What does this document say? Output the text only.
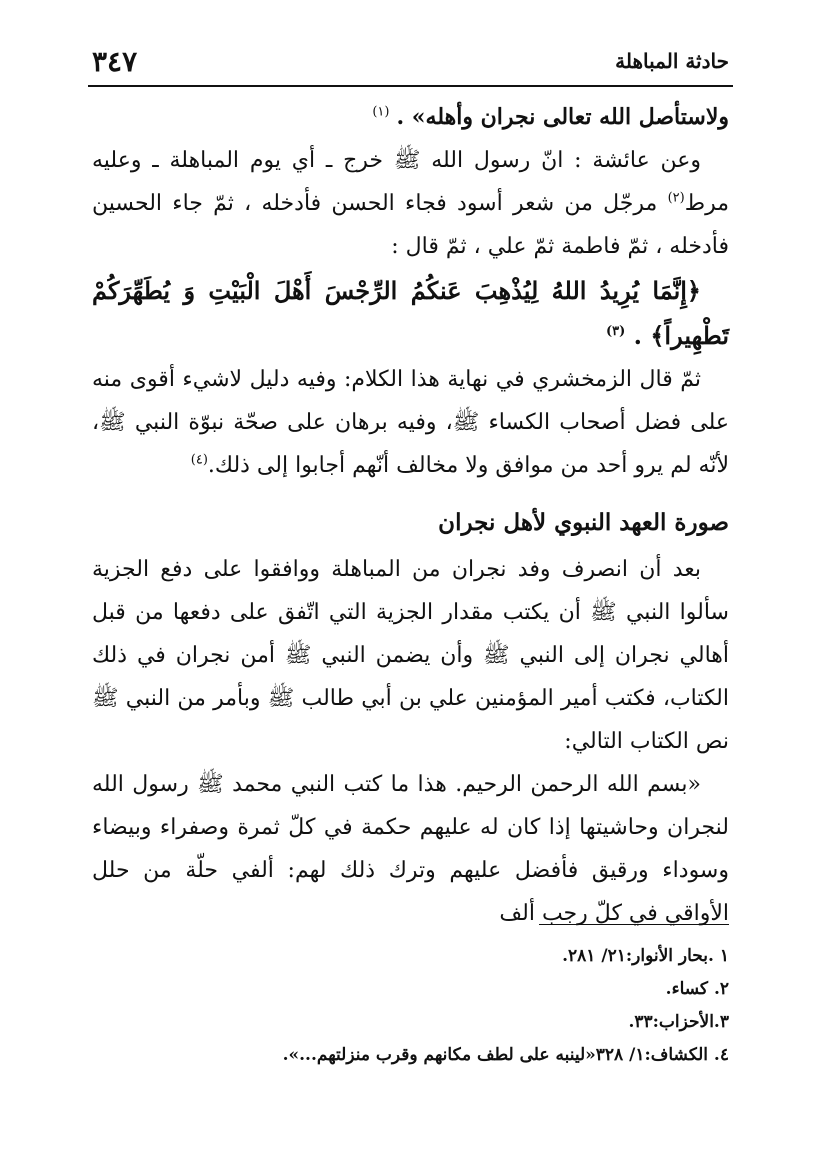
حادثة المباهلة
٣٤٧

ولاستأصل الله تعالى نجران وأهله» . $^{(١)}$

وعن عائشة : انّ رسول الله ﷺ خرج ـ أي يوم المباهلة ـ وعليه مرط$^{(٢)}$ مرجّل من شعر أسود فجاء الحسن فأدخله ، ثمّ جاء الحسين فأدخله ، ثمّ فاطمة ثمّ علي ، ثمّ قال :

﴿إِنَّمَا يُرِيدُ اللهُ لِيُذْهِبَ عَنكُمُ الرِّجْسَ أَهْلَ الْبَيْتِ وَ يُطَهِّرَكُمْ تَطْهِيراً﴾ . $^{(٣)}$

ثمّ قال الزمخشري في نهاية هذا الكلام: وفيه دليل لاشيء أقوى منه على فضل أصحاب الكساء ﷺ، وفيه برهان على صحّة نبوّة النبي ﷺ، لأنّه لم يرو أحد من موافق ولا مخالف أنّهم أجابوا إلى ذلك.$^{(٤)}$

صورة العهد النبوي لأهل نجران

بعد أن انصرف وفد نجران من المباهلة ووافقوا على دفع الجزية سألوا النبي ﷺ أن يكتب مقدار الجزية التي اتّفق على دفعها من قبل أهالي نجران إلى النبي ﷺ وأن يضمن النبي ﷺ أمن نجران في ذلك الكتاب، فكتب أمير المؤمنين علي بن أبي طالب ﷺ وبأمر من النبي ﷺ نص الكتاب التالي:

«بسم الله الرحمن الرحيم. هذا ما كتب النبي محمد ﷺ رسول الله لنجران وحاشيتها إذا كان له عليهم حكمة في كلّ ثمرة وصفراء وبيضاء وسوداء ورقيق فأفضل عليهم وترك ذلك لهم: ألفي حلّة من حلل الأواقي في كلّ رجب ألف

١ .بحار الأنوار:٢١/ ٢٨١.
٢. كساء.
٣.الأحزاب:٣٣.
٤. الكشاف:١/ ٣٢٨«لينبه على لطف مكانهم وقرب منزلتهم...».
